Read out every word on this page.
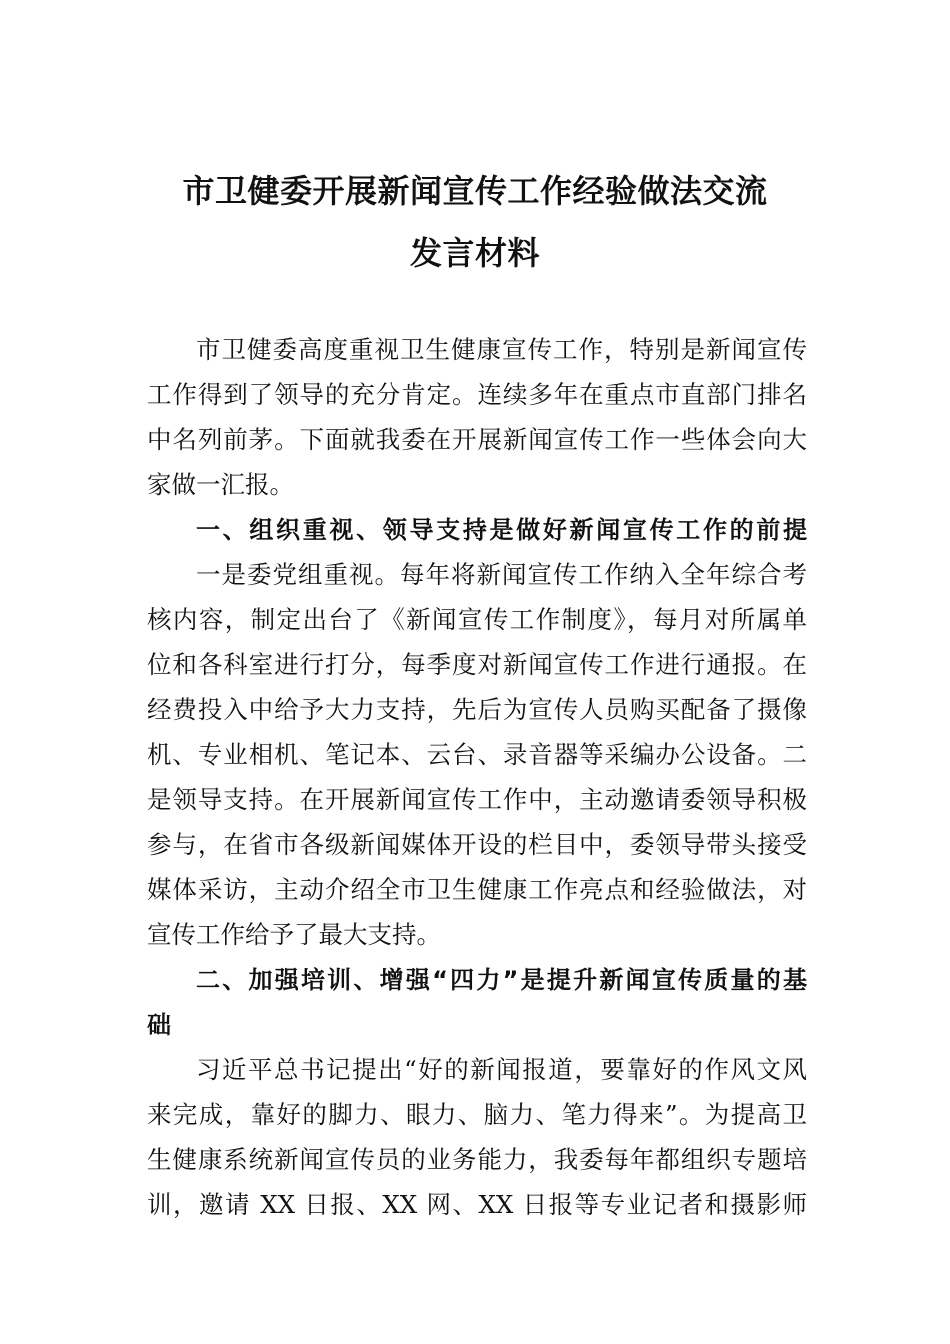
市卫健委开展新闻宣传工作经验做法交流
发言材料
市卫健委高度重视卫生健康宣传工作，特别是新闻宣传
工作得到了领导的充分肯定。连续多年在重点市直部门排名
中名列前茅。下面就我委在开展新闻宣传工作一些体会向大
家做一汇报。
一、组织重视、领导支持是做好新闻宣传工作的前提
一是委党组重视。每年将新闻宣传工作纳入全年综合考
核内容，制定出台了《新闻宣传工作制度》，每月对所属单
位和各科室进行打分，每季度对新闻宣传工作进行通报。在
经费投入中给予大力支持，先后为宣传人员购买配备了摄像
机、专业相机、笔记本、云台、录音器等采编办公设备。二
是领导支持。在开展新闻宣传工作中，主动邀请委领导积极
参与，在省市各级新闻媒体开设的栏目中，委领导带头接受
媒体采访，主动介绍全市卫生健康工作亮点和经验做法，对
宣传工作给予了最大支持。
二、加强培训、增强“四力”是提升新闻宣传质量的基
础
习近平总书记提出“好的新闻报道，要靠好的作风文风
来完成，靠好的脚力、眼力、脑力、笔力得来”。为提高卫
生健康系统新闻宣传员的业务能力，我委每年都组织专题培
训，邀请 XX 日报、XX 网、XX 日报等专业记者和摄影师
